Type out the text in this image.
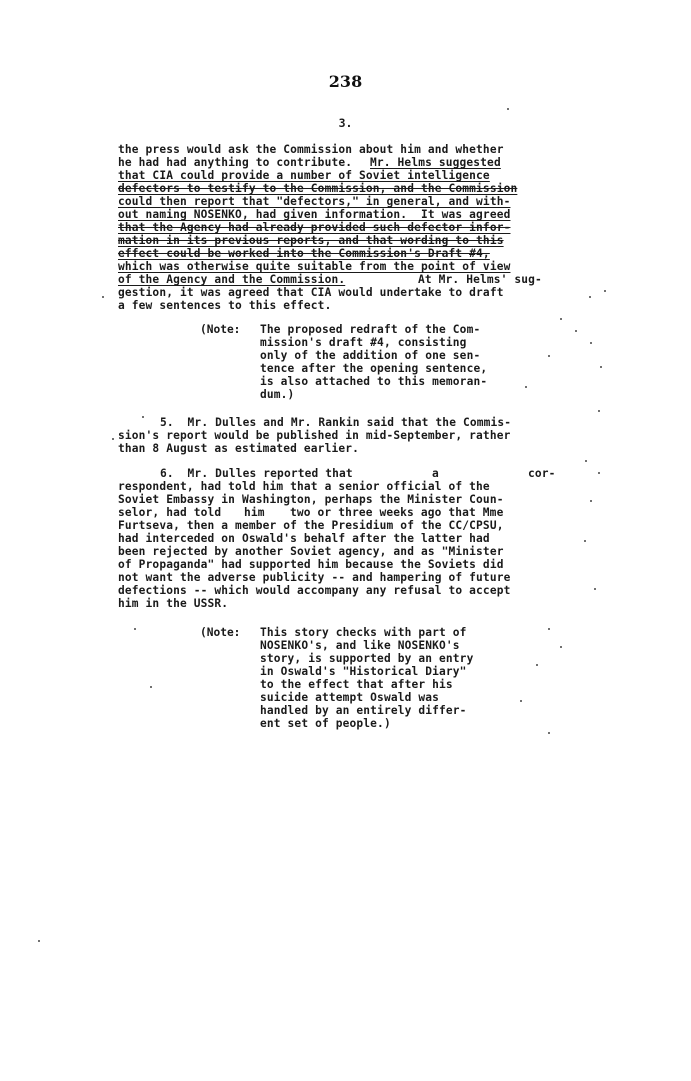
238
3.
the press would ask the Commission about him and whether
he had had anything to contribute. Mr. Helms suggested
that CIA could provide a number of Soviet intelligence
defectors to testify to the Commission, and the Commission
could then report that "defectors," in general, and with-
out naming NOSENKO, had given information.  It was agreed
that the Agency had already provided such defector infor-
mation in its previous reports, and that wording to this
effect could be worked into the Commission's Draft #4,
which was otherwise quite suitable from the point of view
of the Agency and the Commission.	At Mr. Helms' sug-
gestion, it was agreed that CIA would undertake to draft
a few sentences to this effect.
(Note: The proposed redraft of the Com-
mission's draft #4, consisting
only of the addition of one sen-
tence after the opening sentence,
is also attached to this memoran-
dum.)
5.  Mr. Dulles and Mr. Rankin said that the Commis-
sion's report would be published in mid-September, rather
than 8 August as estimated earlier.
6.  Mr. Dulles reported that	a	cor-
respondent, had told him that a senior official of the
Soviet Embassy in Washington, perhaps the Minister Coun-
selor, had told him two or three weeks ago that Mme
Furtseva, then a member of the Presidium of the CC/CPSU,
had interceded on Oswald's behalf after the latter had
been rejected by another Soviet agency, and as "Minister
of Propaganda" had supported him because the Soviets did
not want the adverse publicity -- and hampering of future
defections -- which would accompany any refusal to accept
him in the USSR.
(Note: This story checks with part of
NOSENKO's, and like NOSENKO's
story, is supported by an entry
in Oswald's "Historical Diary"
to the effect that after his
suicide attempt Oswald was
handled by an entirely differ-
ent set of people.)
